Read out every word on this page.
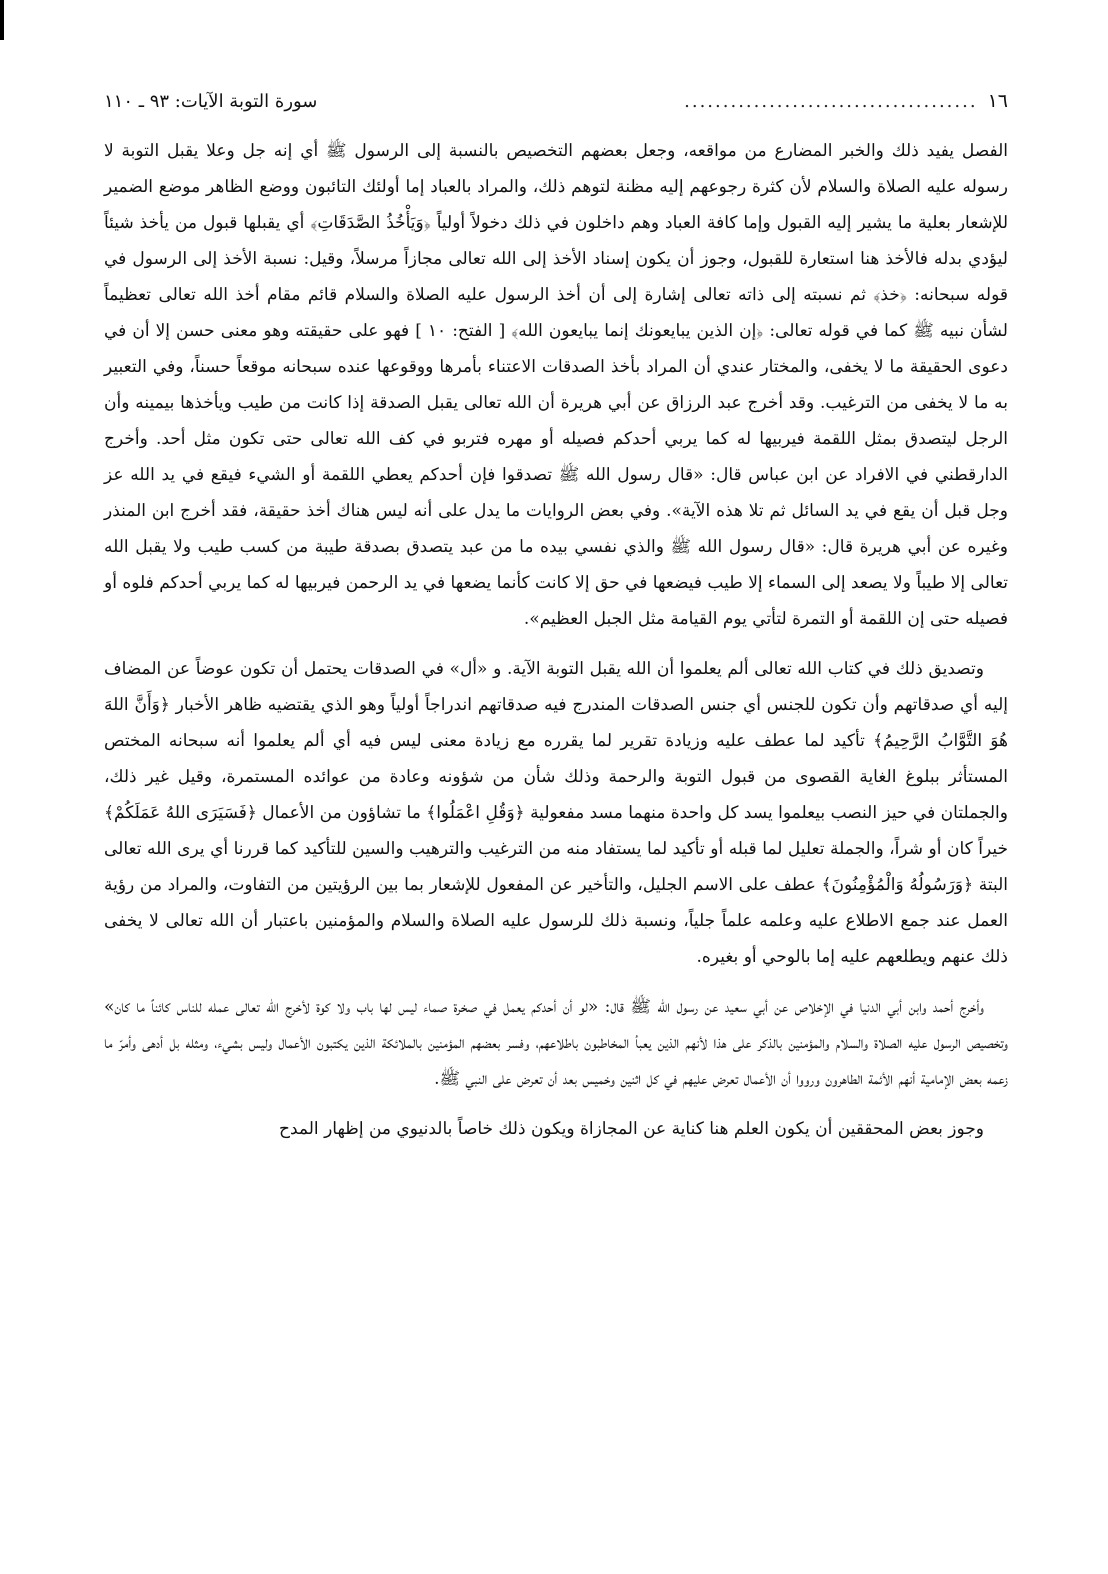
١٦
......................................
سورة التوبة الآيات: ٩٣ ـ ١١٠

الفصل يفيد ذلك والخبر المضارع من مواقعه، وجعل بعضهم التخصيص بالنسبة إلى الرسول ﷺ أي إنه جل وعلا يقبل التوبة لا رسوله عليه الصلاة والسلام لأن كثرة رجوعهم إليه مظنة لتوهم ذلك، والمراد بالعباد إما أولئك التائبون ووضع الظاهر موضع الضمير للإشعار بعلية ما يشير إليه القبول وإما كافة العباد وهم داخلون في ذلك دخولاً أولياً ﴿وَيَأْخُذُ الصَّدَقَاتِ﴾ أي يقبلها قبول من يأخذ شيئاً ليؤدي بدله فالأخذ هنا استعارة للقبول، وجوز أن يكون إسناد الأخذ إلى الله تعالى مجازاً مرسلاً، وقيل: نسبة الأخذ إلى الرسول في قوله سبحانه: ﴿خذ﴾ ثم نسبته إلى ذاته تعالى إشارة إلى أن أخذ الرسول عليه الصلاة والسلام قائم مقام أخذ الله تعالى تعظيماً لشأن نبيه ﷺ كما في قوله تعالى: ﴿إن الذين يبايعونك إنما يبايعون الله﴾ [ الفتح: ١٠ ] فهو على حقيقته وهو معنى حسن إلا أن في دعوى الحقيقة ما لا يخفى، والمختار عندي أن المراد بأخذ الصدقات الاعتناء بأمرها ووقوعها عنده سبحانه موقعاً حسناً، وفي التعبير به ما لا يخفى من الترغيب. وقد أخرج عبد الرزاق عن أبي هريرة أن الله تعالى يقبل الصدقة إذا كانت من طيب ويأخذها بيمينه وأن الرجل ليتصدق بمثل اللقمة فيربيها له كما يربي أحدكم فصيله أو مهره فتربو في كف الله تعالى حتى تكون مثل أحد. وأخرج الدارقطني في الافراد عن ابن عباس قال: «قال رسول الله ﷺ تصدقوا فإن أحدكم يعطي اللقمة أو الشيء فيقع في يد الله عز وجل قبل أن يقع في يد السائل ثم تلا هذه الآية». وفي بعض الروايات ما يدل على أنه ليس هناك أخذ حقيقة، فقد أخرج ابن المنذر وغيره عن أبي هريرة قال: «قال رسول الله ﷺ والذي نفسي بيده ما من عبد يتصدق بصدقة طيبة من كسب طيب ولا يقبل الله تعالى إلا طيباً ولا يصعد إلى السماء إلا طيب فيضعها في حق إلا كانت كأنما يضعها في يد الرحمن فيربيها له كما يربي أحدكم فلوه أو فصيله حتى إن اللقمة أو التمرة لتأتي يوم القيامة مثل الجبل العظيم».

وتصديق ذلك في كتاب الله تعالى ألم يعلموا أن الله يقبل التوبة الآية. و «أل» في الصدقات يحتمل أن تكون عوضاً عن المضاف إليه أي صدقاتهم وأن تكون للجنس أي جنس الصدقات المندرج فيه صدقاتهم اندراجاً أولياً وهو الذي يقتضيه ظاهر الأخبار ﴿وَأَنَّ اللهَ هُوَ التَّوَّابُ الرَّحِيمُ﴾ تأكيد لما عطف عليه وزيادة تقرير لما يقرره مع زيادة معنى ليس فيه أي ألم يعلموا أنه سبحانه المختص المستأثر ببلوغ الغاية القصوى من قبول التوبة والرحمة وذلك شأن من شؤونه وعادة من عوائده المستمرة، وقيل غير ذلك، والجملتان في حيز النصب بيعلموا يسد كل واحدة منهما مسد مفعولية ﴿وَقُلِ اعْمَلُوا﴾ ما تشاؤون من الأعمال ﴿فَسَيَرَى اللهُ عَمَلَكُمْ﴾ خيراً كان أو شراً، والجملة تعليل لما قبله أو تأكيد لما يستفاد منه من الترغيب والترهيب والسين للتأكيد كما قررنا أي يرى الله تعالى البتة ﴿وَرَسُولُهُ وَالْمُؤْمِنُونَ﴾ عطف على الاسم الجليل، والتأخير عن المفعول للإشعار بما بين الرؤيتين من التفاوت، والمراد من رؤية العمل عند جمع الاطلاع عليه وعلمه علماً جلياً، ونسبة ذلك للرسول عليه الصلاة والسلام والمؤمنين باعتبار أن الله تعالى لا يخفى ذلك عنهم ويطلعهم عليه إما بالوحي أو بغيره.

وأخرج أحمد وابن أبي الدنيا في الإخلاص عن أبي سعيد عن رسول الله ﷺ قال: «لو أن أحدكم يعمل في صخرة صماء ليس لها باب ولا كوة لأخرج الله تعالى عمله للناس كائناً ما كان» وتخصيص الرسول عليه الصلاة والسلام والمؤمنين بالذكر على هذا لأنهم الذين يعبأ المخاطبون باطلاعهم، وفسر بعضهم المؤمنين بالملائكة الذين يكتبون الأعمال وليس بشيء، ومثله بل أدهى وأمرّ ما زعمه بعض الإمامية أنهم الأئمة الطاهرون ورووا أن الأعمال تعرض عليهم في كل اثنين وخميس بعد أن تعرض على النبي ﷺ.

وجوز بعض المحققين أن يكون العلم هنا كناية عن المجازاة ويكون ذلك خاصاً بالدنيوي من إظهار المدح
